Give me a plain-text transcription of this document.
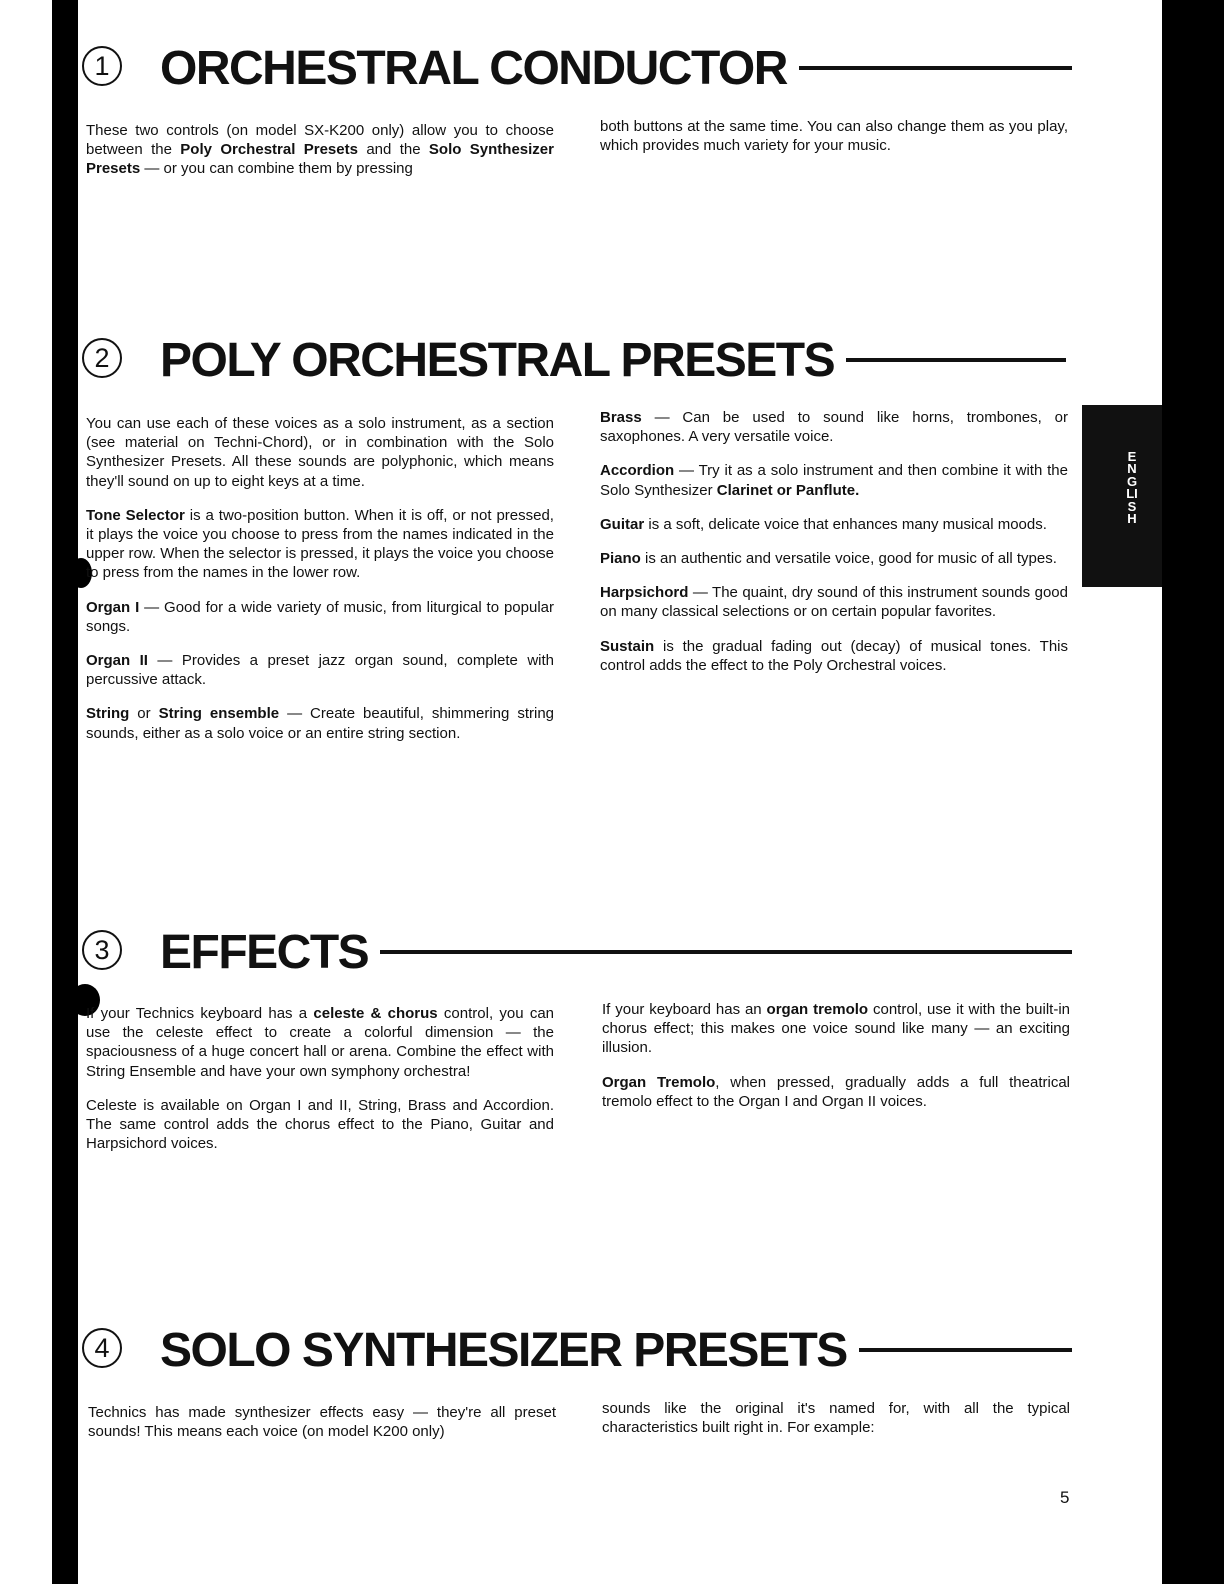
ENGLISH
1 ORCHESTRAL CONDUCTOR

These two controls (on model SX-K200 only) allow you to choose between the Poly Orchestral Presets and the Solo Synthesizer Presets — or you can combine them by pressing

both buttons at the same time. You can also change them as you play, which provides much variety for your music.

2 POLY ORCHESTRAL PRESETS

You can use each of these voices as a solo instrument, as a section (see material on Techni-Chord), or in combination with the Solo Synthesizer Presets. All these sounds are polyphonic, which means they'll sound on up to eight keys at a time.

Tone Selector is a two-position button. When it is off, or not pressed, it plays the voice you choose to press from the names indicated in the upper row. When the selector is pressed, it plays the voice you choose to press from the names in the lower row.

Organ I — Good for a wide variety of music, from liturgical to popular songs.

Organ II — Provides a preset jazz organ sound, complete with percussive attack.

String or String ensemble — Create beautiful, shimmering string sounds, either as a solo voice or an entire string section.

Brass — Can be used to sound like horns, trombones, or saxophones. A very versatile voice.

Accordion — Try it as a solo instrument and then combine it with the Solo Synthesizer Clarinet or Panflute.

Guitar is a soft, delicate voice that enhances many musical moods.

Piano is an authentic and versatile voice, good for music of all types.

Harpsichord — The quaint, dry sound of this instrument sounds good on many classical selections or on certain popular favorites.

Sustain is the gradual fading out (decay) of musical tones. This control adds the effect to the Poly Orchestral voices.

3 EFFECTS

If your Technics keyboard has a celeste & chorus control, you can use the celeste effect to create a colorful dimension — the spaciousness of a huge concert hall or arena. Combine the effect with String Ensemble and have your own symphony orchestra!

Celeste is available on Organ I and II, String, Brass and Accordion. The same control adds the chorus effect to the Piano, Guitar and Harpsichord voices.

If your keyboard has an organ tremolo control, use it with the built-in chorus effect; this makes one voice sound like many — an exciting illusion.

Organ Tremolo, when pressed, gradually adds a full theatrical tremolo effect to the Organ I and Organ II voices.

4 SOLO SYNTHESIZER PRESETS

Technics has made synthesizer effects easy — they're all preset sounds! This means each voice (on model K200 only)

sounds like the original it's named for, with all the typical characteristics built right in. For example:

5
